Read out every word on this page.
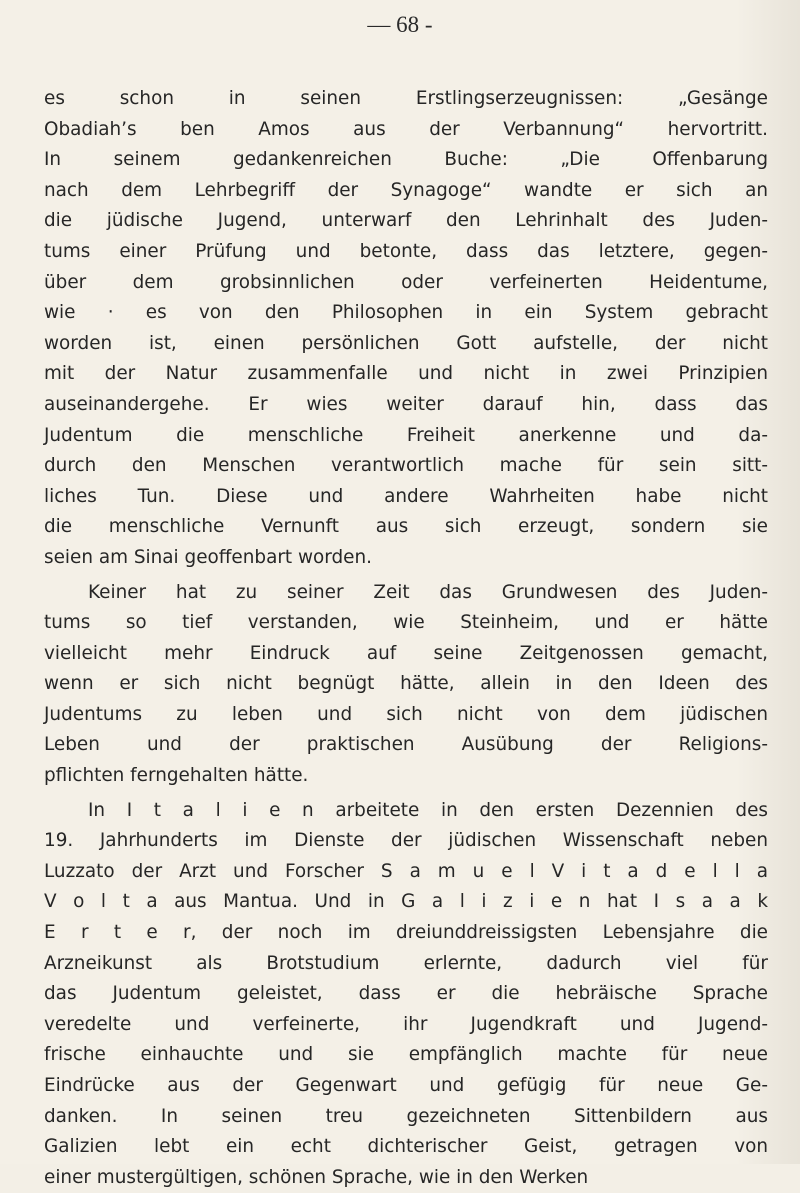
— 68 -
es schon in seinen Erstlingserzeugnissen: „Gesänge
Obadiah’s ben Amos aus der Verbannung“ hervortritt.
In seinem gedankenreichen Buche: „Die Offenbarung
nach dem Lehrbegriff der Synagoge“ wandte er sich an
die jüdische Jugend, unterwarf den Lehrinhalt des Juden-
tums einer Prüfung und betonte, dass das letztere, gegen-
über dem grobsinnlichen oder verfeinerten Heidentume,
wie · es von den Philosophen in ein System gebracht
worden ist, einen persönlichen Gott aufstelle, der nicht
mit der Natur zusammenfalle und nicht in zwei Prinzipien
auseinandergehe. Er wies weiter darauf hin, dass das
Judentum die menschliche Freiheit anerkenne und da-
durch den Menschen verantwortlich mache für sein sitt-
liches Tun. Diese und andere Wahrheiten habe nicht
die menschliche Vernunft aus sich erzeugt, sondern sie
seien am Sinai geoffenbart worden.
Keiner hat zu seiner Zeit das Grundwesen des Juden-
tums so tief verstanden, wie Steinheim, und er hätte
vielleicht mehr Eindruck auf seine Zeitgenossen gemacht,
wenn er sich nicht begnügt hätte, allein in den Ideen des
Judentums zu leben und sich nicht von dem jüdischen
Leben und der praktischen Ausübung der Religions-
pflichten ferngehalten hätte.
In I t a l i e n arbeitete in den ersten Dezennien des
19. Jahrhunderts im Dienste der jüdischen Wissenschaft neben
Luzzato der Arzt und Forscher S a m u e l V i t a d e l l a
V o l t a aus Mantua. Und in G a l i z i e n hat I s a a k
E r t e r, der noch im dreiunddreissigsten Lebensjahre die
Arzneikunst als Brotstudium erlernte, dadurch viel für
das Judentum geleistet, dass er die hebräische Sprache
veredelte und verfeinerte, ihr Jugendkraft und Jugend-
frische einhauchte und sie empfänglich machte für neue
Eindrücke aus der Gegenwart und gefügig für neue Ge-
danken. In seinen treu gezeichneten Sittenbildern aus
Galizien lebt ein echt dichterischer Geist, getragen von
einer mustergültigen, schönen Sprache, wie in den Werken
